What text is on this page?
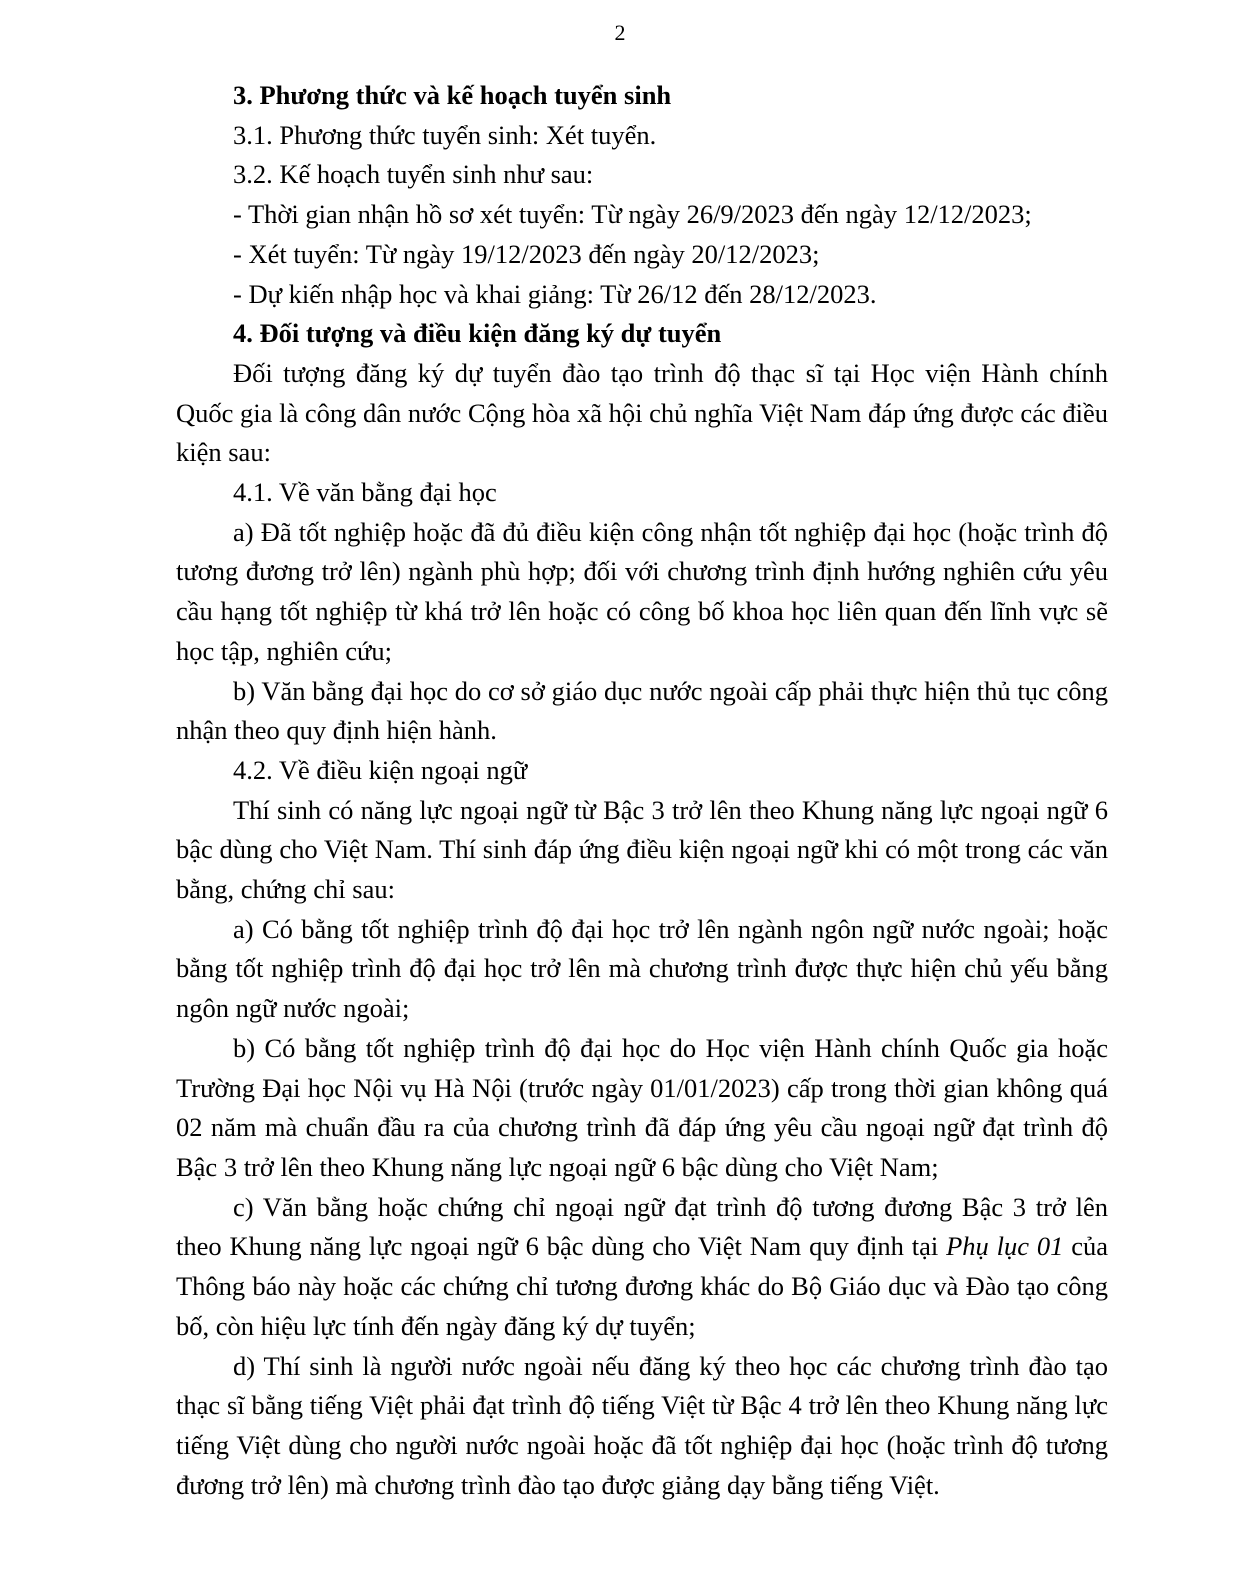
2

3. Phương thức và kế hoạch tuyển sinh

3.1. Phương thức tuyển sinh: Xét tuyển.

3.2. Kế hoạch tuyển sinh như sau:

- Thời gian nhận hồ sơ xét tuyển: Từ ngày 26/9/2023 đến ngày 12/12/2023;

- Xét tuyển: Từ ngày 19/12/2023 đến ngày 20/12/2023;

- Dự kiến nhập học và khai giảng: Từ 26/12 đến 28/12/2023.

4. Đối tượng và điều kiện đăng ký dự tuyển

Đối tượng đăng ký dự tuyển đào tạo trình độ thạc sĩ tại Học viện Hành chính Quốc gia là công dân nước Cộng hòa xã hội chủ nghĩa Việt Nam đáp ứng được các điều kiện sau:

4.1. Về văn bằng đại học

a) Đã tốt nghiệp hoặc đã đủ điều kiện công nhận tốt nghiệp đại học (hoặc trình độ tương đương trở lên) ngành phù hợp; đối với chương trình định hướng nghiên cứu yêu cầu hạng tốt nghiệp từ khá trở lên hoặc có công bố khoa học liên quan đến lĩnh vực sẽ học tập, nghiên cứu;

b) Văn bằng đại học do cơ sở giáo dục nước ngoài cấp phải thực hiện thủ tục công nhận theo quy định hiện hành.

4.2. Về điều kiện ngoại ngữ

Thí sinh có năng lực ngoại ngữ từ Bậc 3 trở lên theo Khung năng lực ngoại ngữ 6 bậc dùng cho Việt Nam. Thí sinh đáp ứng điều kiện ngoại ngữ khi có một trong các văn bằng, chứng chỉ sau:

a) Có bằng tốt nghiệp trình độ đại học trở lên ngành ngôn ngữ nước ngoài; hoặc bằng tốt nghiệp trình độ đại học trở lên mà chương trình được thực hiện chủ yếu bằng ngôn ngữ nước ngoài;

b) Có bằng tốt nghiệp trình độ đại học do Học viện Hành chính Quốc gia hoặc Trường Đại học Nội vụ Hà Nội (trước ngày 01/01/2023) cấp trong thời gian không quá 02 năm mà chuẩn đầu ra của chương trình đã đáp ứng yêu cầu ngoại ngữ đạt trình độ Bậc 3 trở lên theo Khung năng lực ngoại ngữ 6 bậc dùng cho Việt Nam;

c) Văn bằng hoặc chứng chỉ ngoại ngữ đạt trình độ tương đương Bậc 3 trở lên theo Khung năng lực ngoại ngữ 6 bậc dùng cho Việt Nam quy định tại Phụ lục 01 của Thông báo này hoặc các chứng chỉ tương đương khác do Bộ Giáo dục và Đào tạo công bố, còn hiệu lực tính đến ngày đăng ký dự tuyển;

d) Thí sinh là người nước ngoài nếu đăng ký theo học các chương trình đào tạo thạc sĩ bằng tiếng Việt phải đạt trình độ tiếng Việt từ Bậc 4 trở lên theo Khung năng lực tiếng Việt dùng cho người nước ngoài hoặc đã tốt nghiệp đại học (hoặc trình độ tương đương trở lên) mà chương trình đào tạo được giảng dạy bằng tiếng Việt.
